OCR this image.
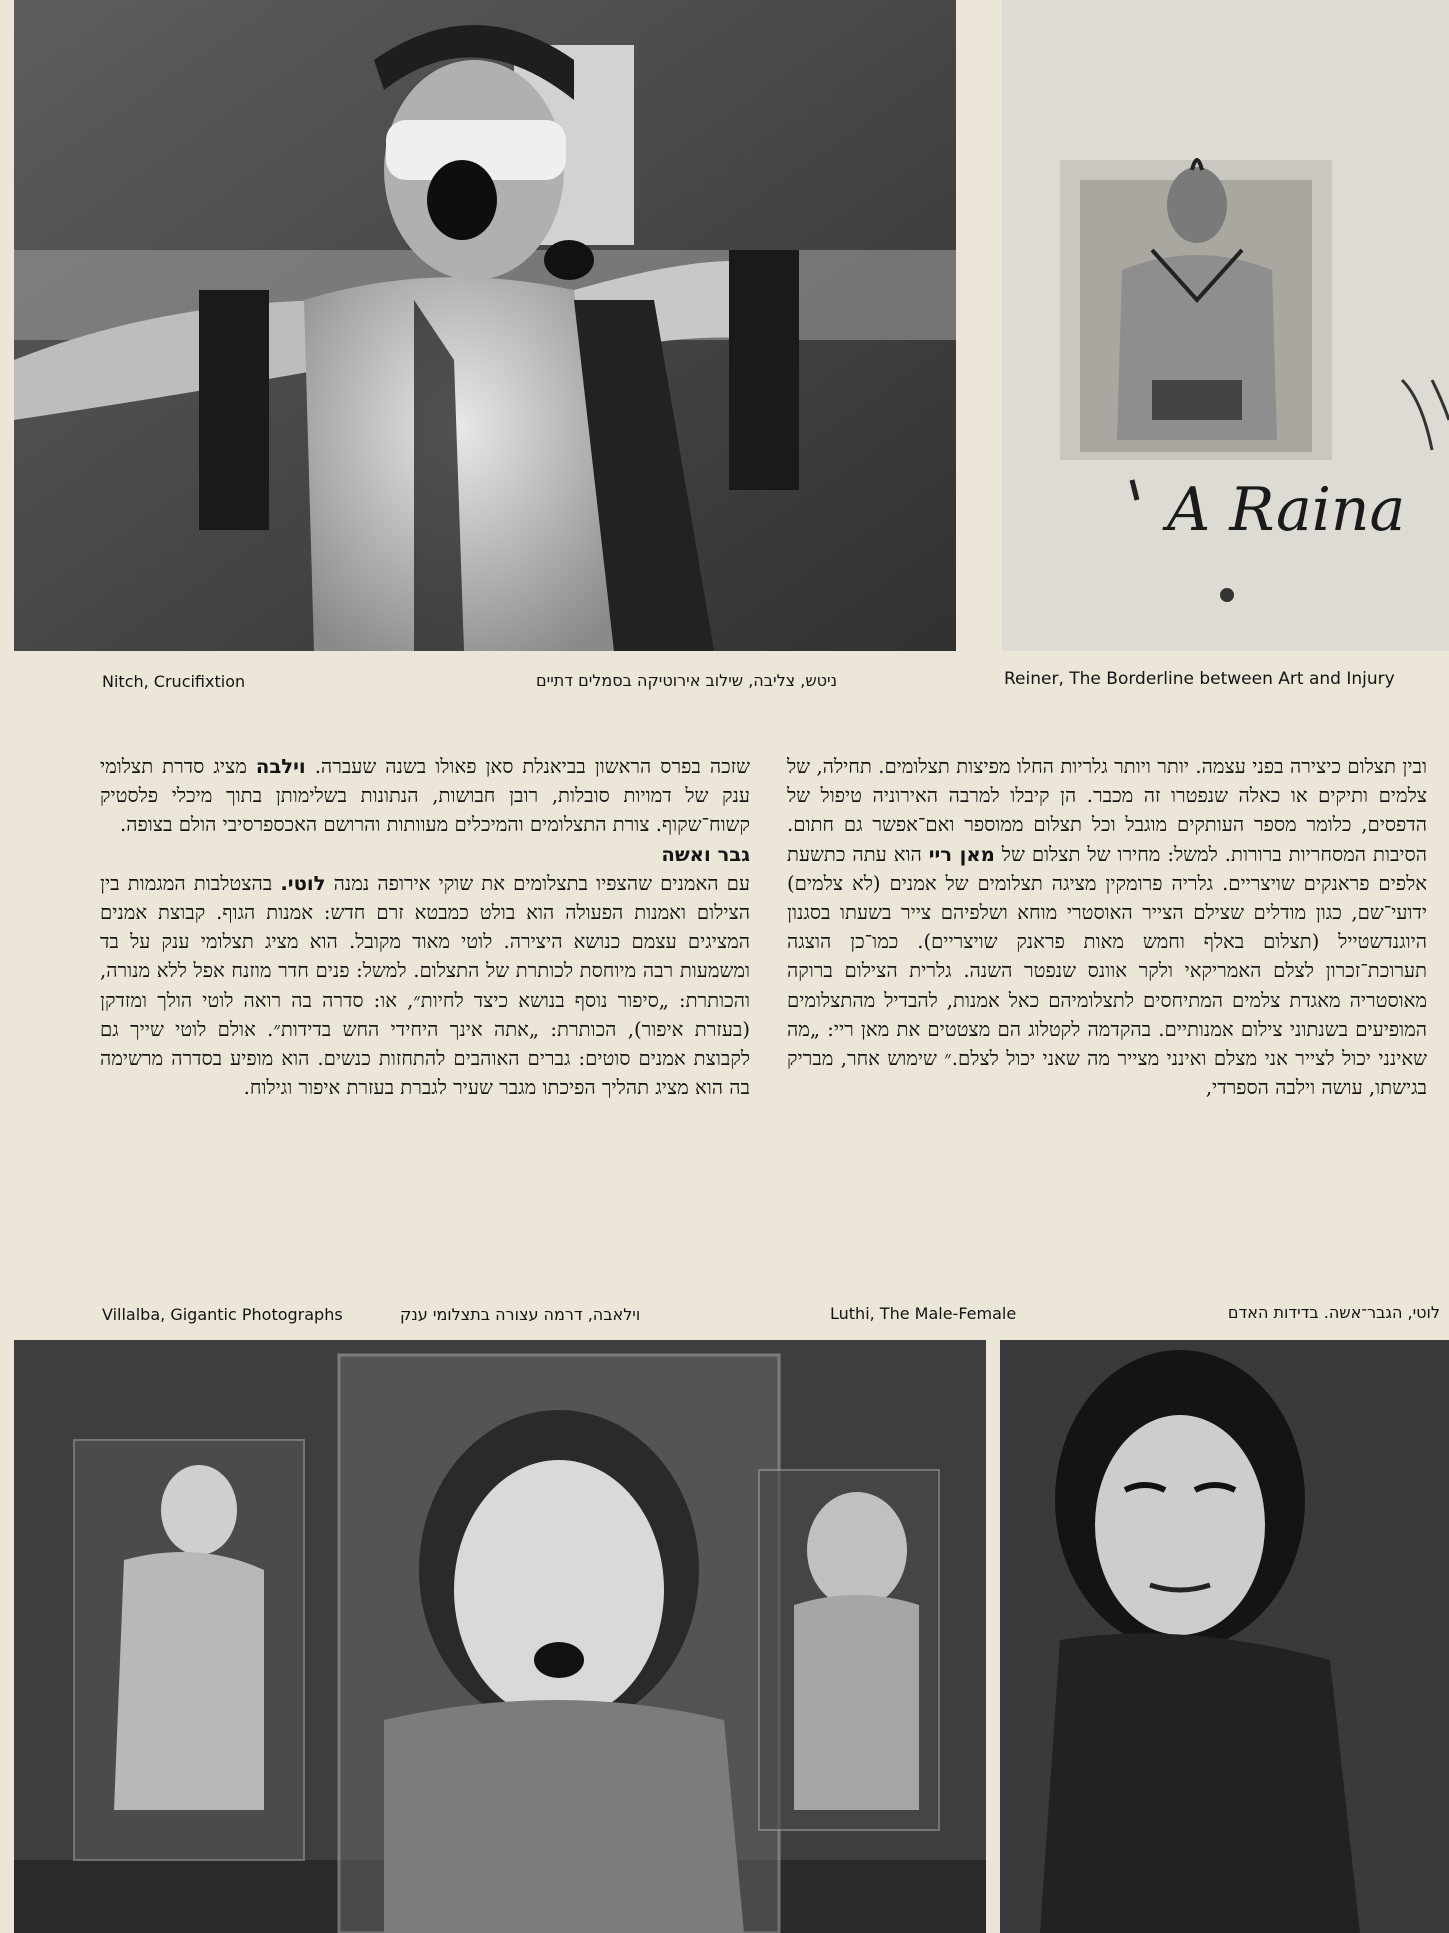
A Raina
Nitch, Crucifixtion	ניטש, צליבה, שילוב אירוטיקה בסמלים דתיים	Reiner, The Borderline between Art and Injury
Villalba, Gigantic Photographs	וילאבה, דרמה עצורה בתצלומי ענק	Luthi, The Male-Female	לוטי, הגבר־אשה. בדידות האדם

ובין תצלום כיצירה בפני עצמה. יותר ויותר גלריות החלו מפיצות תצלומים. תחילה, של צלמים ותיקים או כאלה שנפטרו זה מכבר. הן קיבלו למרבה האירוניה טיפול של הדפסים, כלומר מספר העותקים מוגבל וכל תצלום ממוספר ואם־אפשר גם חתום. הסיבות המסחריות ברורות. למשל: מחירו של תצלום של מאן ריי הוא עתה כתשעת אלפים פראנקים שויצריים. גלריה פרומקין מציגה תצלומים של אמנים (לא צלמים) ידועי־שם, כגון מודלים שצילם הצייר האוסטרי מוחא ושלפיהם צייר בשעתו בסגנון היוגנדשטייל (תצלום באלף וחמש מאות פראנק שויצריים). כמו־כן הוצגה תערוכת־זכרון לצלם האמריקאי ולקר אוונס שנפטר השנה. גלרית הצילום ברוקה מאוסטריה מאגדת צלמים המתיחסים לתצלומיהם כאל אמנות, להבדיל מהתצלומים המופיעים בשנתוני צילום אמנותיים. בהקדמה לקטלוג הם מצטטים את מאן ריי: „מה שאינני יכול לצייר אני מצלם ואינני מצייר מה שאני יכול לצלם.״ שימוש אחר, מבריק בגישתו, עושה וילבה הספרדי,

שזכה בפרס הראשון בביאנלת סאן פאולו בשנה שעברה. וילבה מציג סדרת תצלומי ענק של דמויות סובלות, רובן חבושות, הנתונות בשלימותן בתוך מיכלי פלסטיק קשוח־שקוף. צורת התצלומים והמיכלים מעוותות והרושם האכספרסיבי הולם בצופה.

גבר ואשה

עם האמנים שהצפיו בתצלומים את שוקי אירופה נמנה לוטי. בהצטלבות המגמות בין הצילום ואמנות הפעולה הוא בולט כמבטא זרם חדש: אמנות הגוף. קבוצת אמנים המציגים עצמם כנושא היצירה. לוטי מאוד מקובל. הוא מציג תצלומי ענק על בד ומשמעות רבה מיוחסת לכותרת של התצלום. למשל: פנים חדר מוזנח אפל ללא מנורה, והכותרת: „סיפור נוסף בנושא כיצד לחיות״, או: סדרה בה רואה לוטי הולך ומזדקן (בעזרת איפור), הכותרת: „אתה אינך היחידי החש בדידות״. אולם לוטי שייך גם לקבוצת אמנים סוטים: גברים האוהבים להתחזות כנשים. הוא מופיע בסדרה מרשימה בה הוא מציג תהליך הפיכתו מגבר שעיר לגברת בעזרת איפור וגילוח.
